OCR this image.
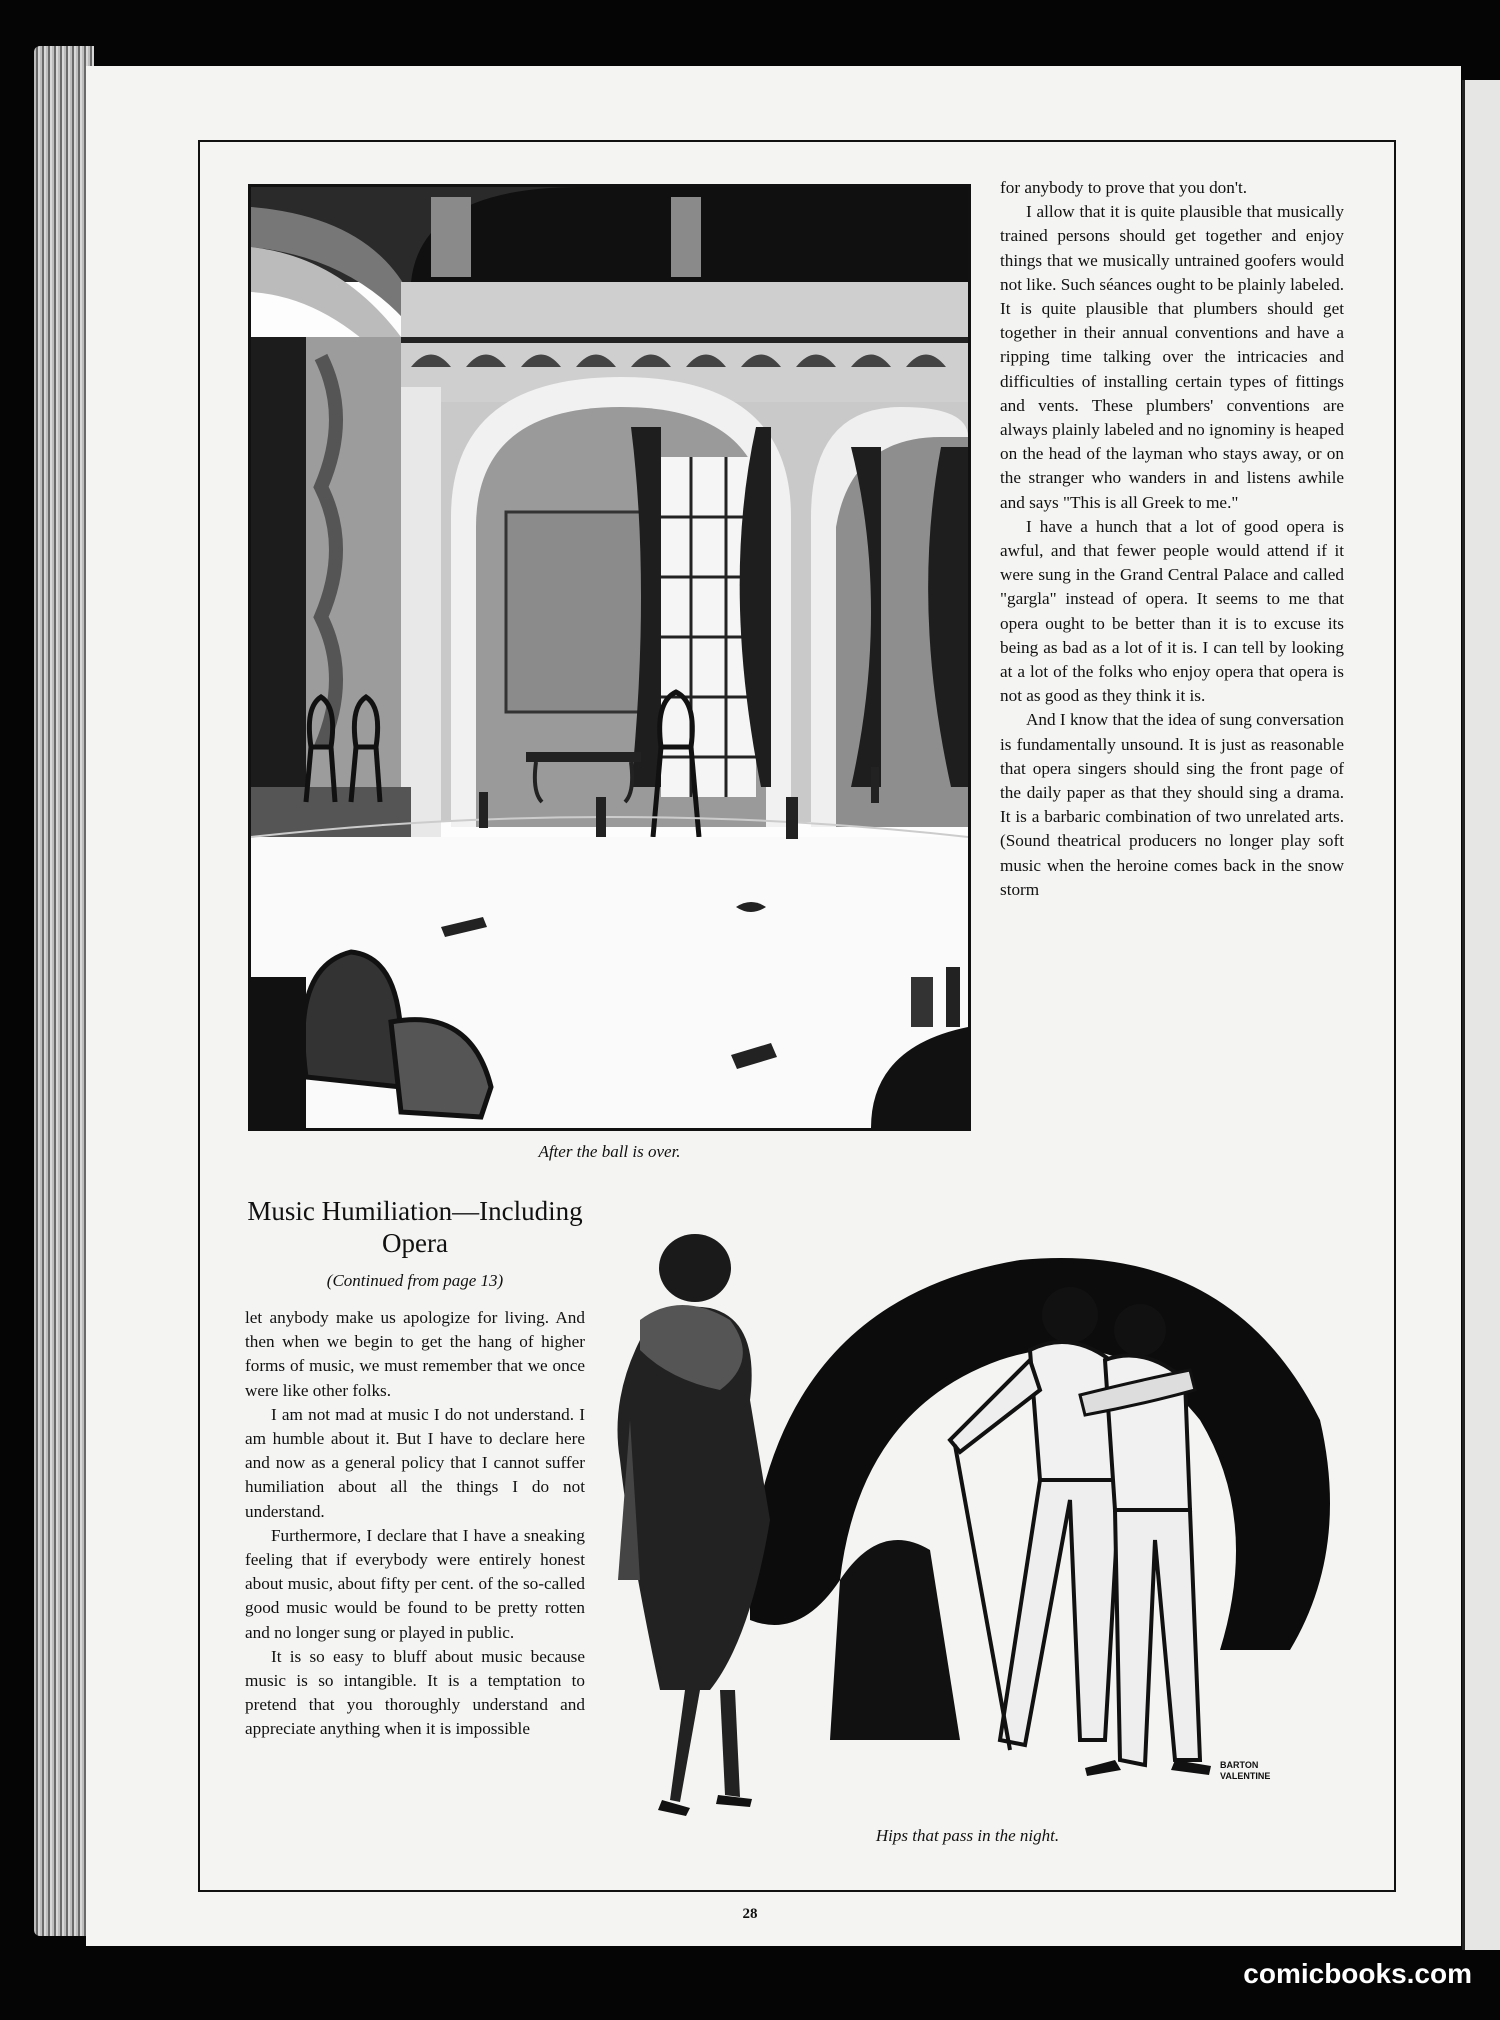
After the ball is over.

for anybody to prove that you don't.

I allow that it is quite plausible that musically trained persons should get together and enjoy things that we musically untrained goofers would not like. Such séances ought to be plainly labeled. It is quite plausible that plumbers should get together in their annual conventions and have a ripping time talking over the intricacies and difficulties of installing certain types of fittings and vents. These plumbers' conventions are always plainly labeled and no ignominy is heaped on the head of the layman who stays away, or on the stranger who wanders in and listens awhile and says "This is all Greek to me."

I have a hunch that a lot of good opera is awful, and that fewer people would attend if it were sung in the Grand Central Palace and called "gargla" instead of opera. It seems to me that opera ought to be better than it is to excuse its being as bad as a lot of it is. I can tell by looking at a lot of the folks who enjoy opera that opera is not as good as they think it is.

And I know that the idea of sung conversation is fundamentally unsound. It is just as reasonable that opera singers should sing the front page of the daily paper as that they should sing a drama. It is a barbaric combination of two unrelated arts. (Sound theatrical producers no longer play soft music when the heroine comes back in the snow storm

Music Humiliation—Including Opera
(Continued from page 13)

let anybody make us apologize for living. And then when we begin to get the hang of higher forms of music, we must remember that we once were like other folks.

I am not mad at music I do not understand. I am humble about it. But I have to declare here and now as a general policy that I cannot suffer humiliation about all the things I do not understand.

Furthermore, I declare that I have a sneaking feeling that if everybody were entirely honest about music, about fifty per cent. of the so-called good music would be found to be pretty rotten and no longer sung or played in public.

It is so easy to bluff about music because music is so intangible. It is a temptation to pretend that you thoroughly understand and appreciate anything when it is impossible

BARTON VALENTINE
Hips that pass in the night.
28
comicbooks.com
